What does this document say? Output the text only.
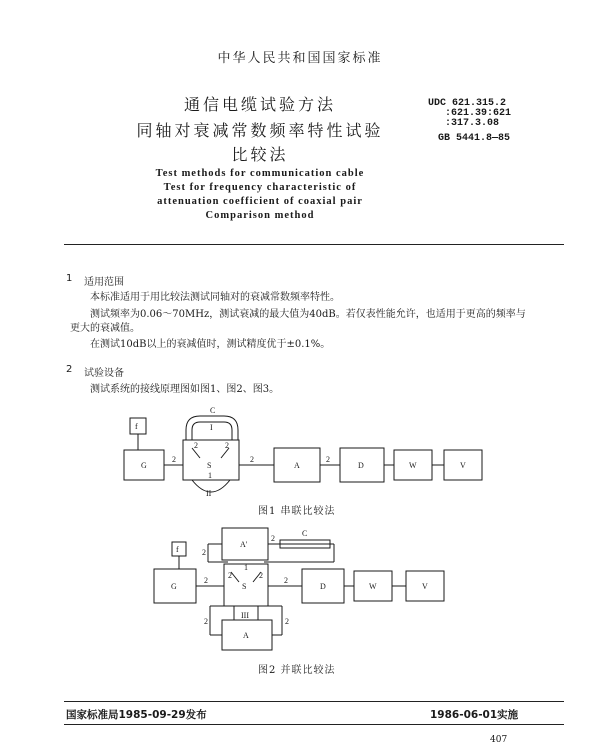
中华人民共和国国家标准
通信电缆试验方法
同轴对衰减常数频率特性试验
比较法
UDC 621.315.2
:621.39:621
:317.3.08
GB 5441.8—85
Test methods for communication cable
Test for frequency characteristic of
attenuation coefficient of coaxial pair
Comparison method
1 适用范围
本标准适用于用比较法测试同轴对的衰减常数频率特性。
测试频率为0.06～70MHz，测试衰减的最大值为40dB。若仅表性能允许，也适用于更高的频率与
更大的衰减值。
在测试10dB以上的衰减值时，测试精度优于±0.1%。
2 试验设备
测试系统的接线原理图如图1、图2、图3。
f
G	S
C
I
II
2
2	2
2	2
1
A	D	W	V
图1 串联比较法
f
G	S
A'
C
III
A
D	W	V
1
2
2
2	2
2	2
2	2
图2 并联比较法
国家标准局1985-09-29发布	1986-06-01实施
407
